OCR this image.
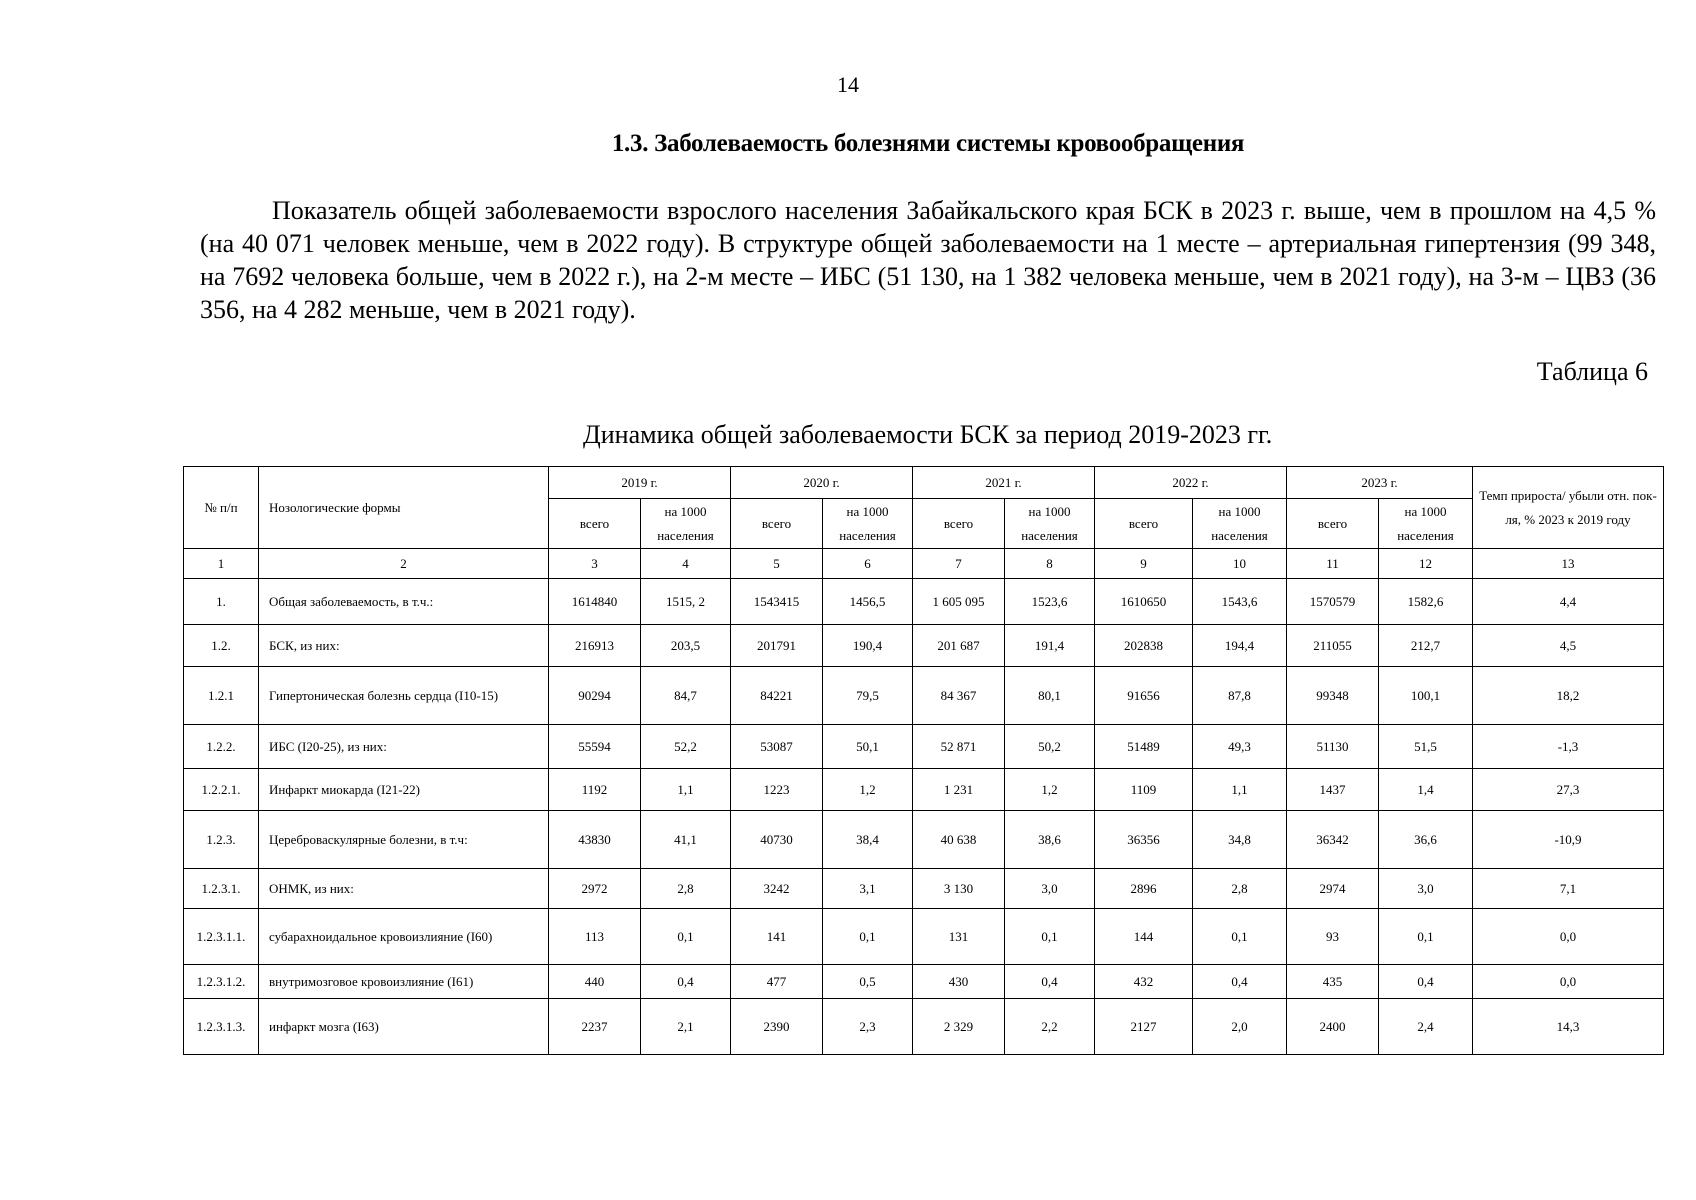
14
1.3. Заболеваемость болезнями системы кровообращения

Показатель общей заболеваемости взрослого населения Забайкальского края БСК в 2023 г. выше, чем в прошлом на 4,5 % (на 40 071 человек меньше, чем в 2022 году). В структуре общей заболеваемости на 1 месте – артериальная гипертензия (99 348, на 7692 человека больше, чем в 2022 г.), на 2-м месте – ИБС (51 130, на 1 382 человека меньше, чем в 2021 году), на 3-м – ЦВЗ (36 356, на 4 282 меньше, чем в 2021 году).

Таблица 6
Динамика общей заболеваемости БСК за период 2019-2023 гг.
№ п/п	Нозологические формы	2019 г.		2020 г.		2021 г.		2022 г.		2023 г.		Темп прироста/ убыли отн. пок-ля, % 2023 к 2019 году
		всего	на 1000 населения	всего	на 1000 населения	всего	на 1000 населения	всего	на 1000 населения	всего	на 1000 населения	
1	2	3	4	5	6	7	8	9	10	11	12	13
1.	Общая заболеваемость, в т.ч.:	1614840	1515, 2	1543415	1456,5	1 605 095	1523,6	1610650	1543,6	1570579	1582,6	4,4
1.2.	БСК, из них:	216913	203,5	201791	190,4	201 687	191,4	202838	194,4	211055	212,7	4,5
1.2.1	Гипертоническая болезнь сердца (I10-15)	90294	84,7	84221	79,5	84 367	80,1	91656	87,8	99348	100,1	18,2
1.2.2.	ИБС (I20-25), из них:	55594	52,2	53087	50,1	52 871	50,2	51489	49,3	51130	51,5	-1,3
1.2.2.1.	Инфаркт миокарда (I21-22)	1192	1,1	1223	1,2	1 231	1,2	1109	1,1	1437	1,4	27,3
1.2.3.	Цереброваскулярные болезни, в т.ч:	43830	41,1	40730	38,4	40 638	38,6	36356	34,8	36342	36,6	-10,9
1.2.3.1.	ОНМК, из них:	2972	2,8	3242	3,1	3 130	3,0	2896	2,8	2974	3,0	7,1
1.2.3.1.1.	субарахноидальное кровоизлияние (I60)	113	0,1	141	0,1	131	0,1	144	0,1	93	0,1	0,0
1.2.3.1.2.	внутримозговое кровоизлияние (I61)	440	0,4	477	0,5	430	0,4	432	0,4	435	0,4	0,0
1.2.3.1.3.	инфаркт мозга (I63)	2237	2,1	2390	2,3	2 329	2,2	2127	2,0	2400	2,4	14,3
